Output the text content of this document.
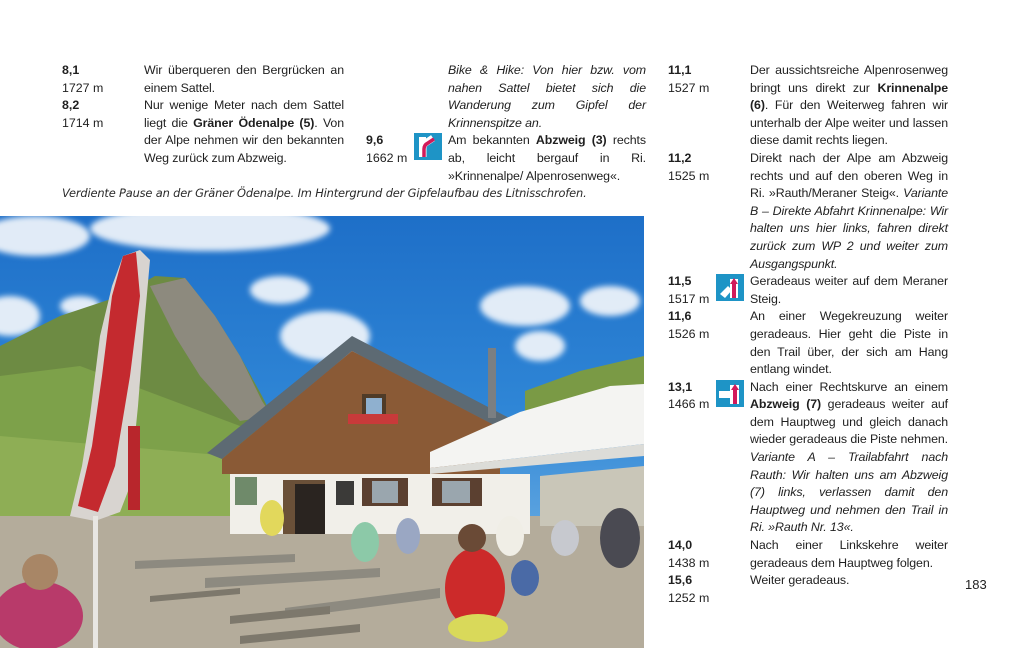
8,1
1727 m
Wir überqueren den Bergrücken an einem Sattel.
8,2
1714 m
Nur wenige Meter nach dem Sattel liegt die Gräner Ödenalpe (5). Von der Alpe nehmen wir den bekannten Weg zurück zum Abzweig.
Bike & Hike: Von hier bzw. vom nahen Sattel bietet sich die Wanderung zum Gipfel der Krinnenspitze an.
9,6
1662 m
Am bekannten Abzweig (3) rechts ab, leicht bergauf in Ri. »Krinnenalpe/ Alpenrosenweg«.
11,1
1527 m
Der aussichtsreiche Alpenrosenweg bringt uns direkt zur Krinnenalpe (6). Für den Weiterweg fahren wir unterhalb der Alpe weiter und lassen diese damit rechts liegen.
11,2
1525 m
Direkt nach der Alpe am Abzweig rechts und auf den oberen Weg in Ri. »Rauth/Meraner Steig«. Variante B – Direkte Abfahrt Krinnenalpe: Wir halten uns hier links, fahren direkt zurück zum WP 2 und weiter zum Ausgangspunkt.
11,5
1517 m
Geradeaus weiter auf dem Meraner Steig.
11,6
1526 m
An einer Wegekreuzung weiter geradeaus. Hier geht die Piste in den Trail über, der sich am Hang entlang windet.
13,1
1466 m
Nach einer Rechtskurve an einem Abzweig (7) geradeaus weiter auf dem Hauptweg und gleich danach wieder geradeaus die Piste nehmen. Variante A – Trailabfahrt nach Rauth: Wir halten uns am Abzweig (7) links, verlassen damit den Hauptweg und nehmen den Trail in Ri. »Rauth Nr. 13«.
14,0
1438 m
Nach einer Linkskehre weiter geradeaus dem Hauptweg folgen.
15,6
1252 m
Weiter geradeaus.
Verdiente Pause an der Gräner Ödenalpe. Im Hintergrund der Gipfelaufbau des Litnisschrofen.
183
